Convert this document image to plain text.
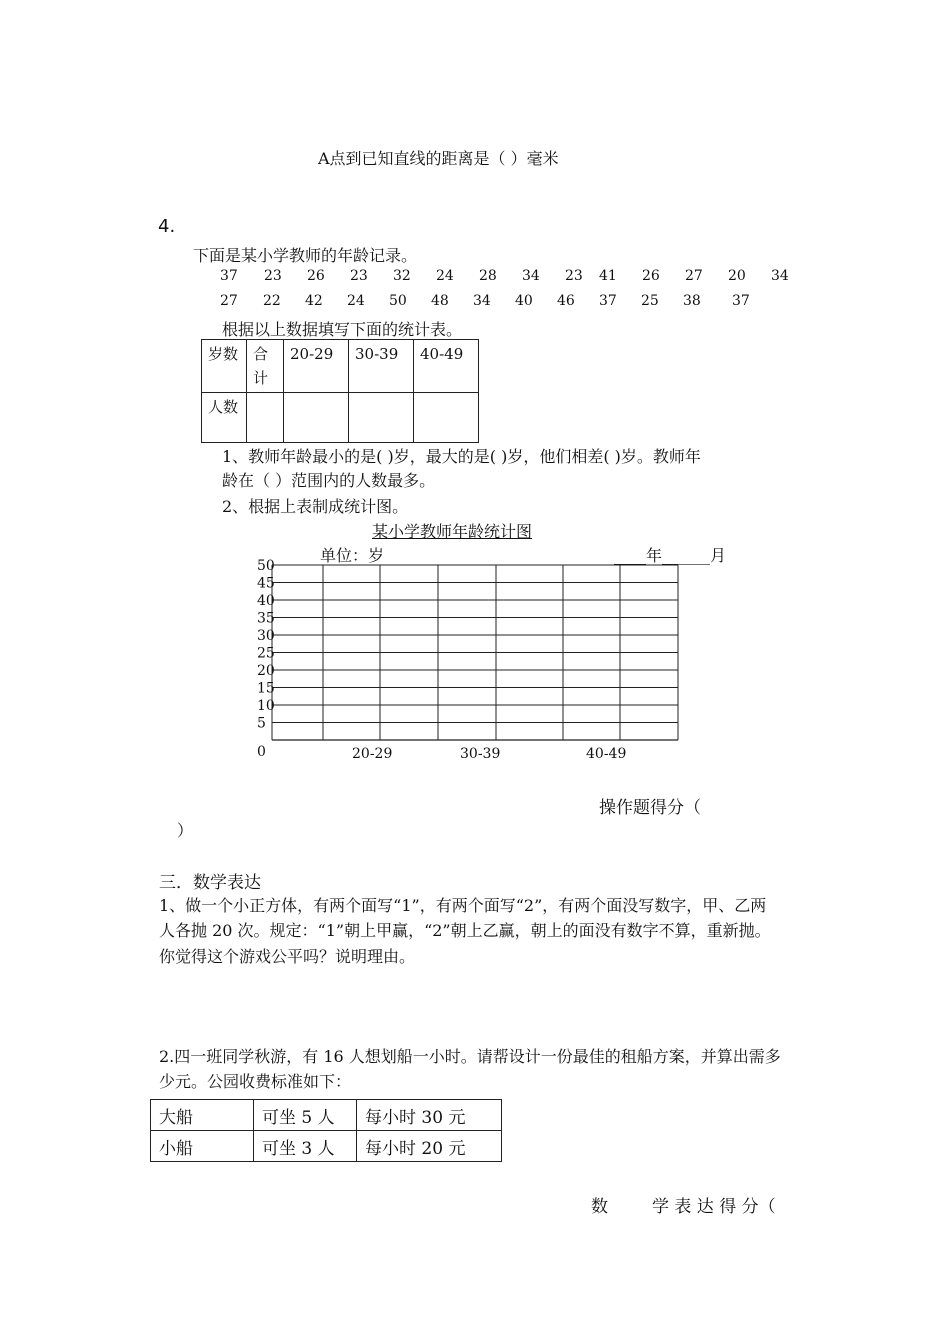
A点到已知直线的距离是（ ）毫米
4.
下面是某小学教师的年龄记录。
37 23 26 23 32 24 28 34 23 41 26 27 20 34
27 22 42 24 50 48 34 40 46 37 25 38 37
根据以上数据填写下面的统计表。
岁数	合计	20-29	30-39	40-49
人数				
1、教师年龄最小的是( )岁，最大的是( )岁，他们相差( )岁。教师年
龄在（ ）范围内的人数最多。
2、根据上表制成统计图。
某小学教师年龄统计图
单位：岁	____年______月
0
5
10
15
20
25
30
35
40
45
50
20-29	30-39	40-49
操作题得分（
）
三．数学表达
1、做一个小正方体，有两个面写“1”，有两个面写“2”，有两个面没写数字，甲、乙两
人各抛 20 次。规定：“1”朝上甲赢，“2”朝上乙赢，朝上的面没有数字不算，重新抛。
你觉得这个游戏公平吗？说明理由。
2.四一班同学秋游，有 16 人想划船一小时。请帮设计一份最佳的租船方案，并算出需多
少元。公园收费标准如下：
大船	可坐 5 人	每小时 30 元
小船	可坐 3 人	每小时 20 元
数	学 表 达 得 分（
